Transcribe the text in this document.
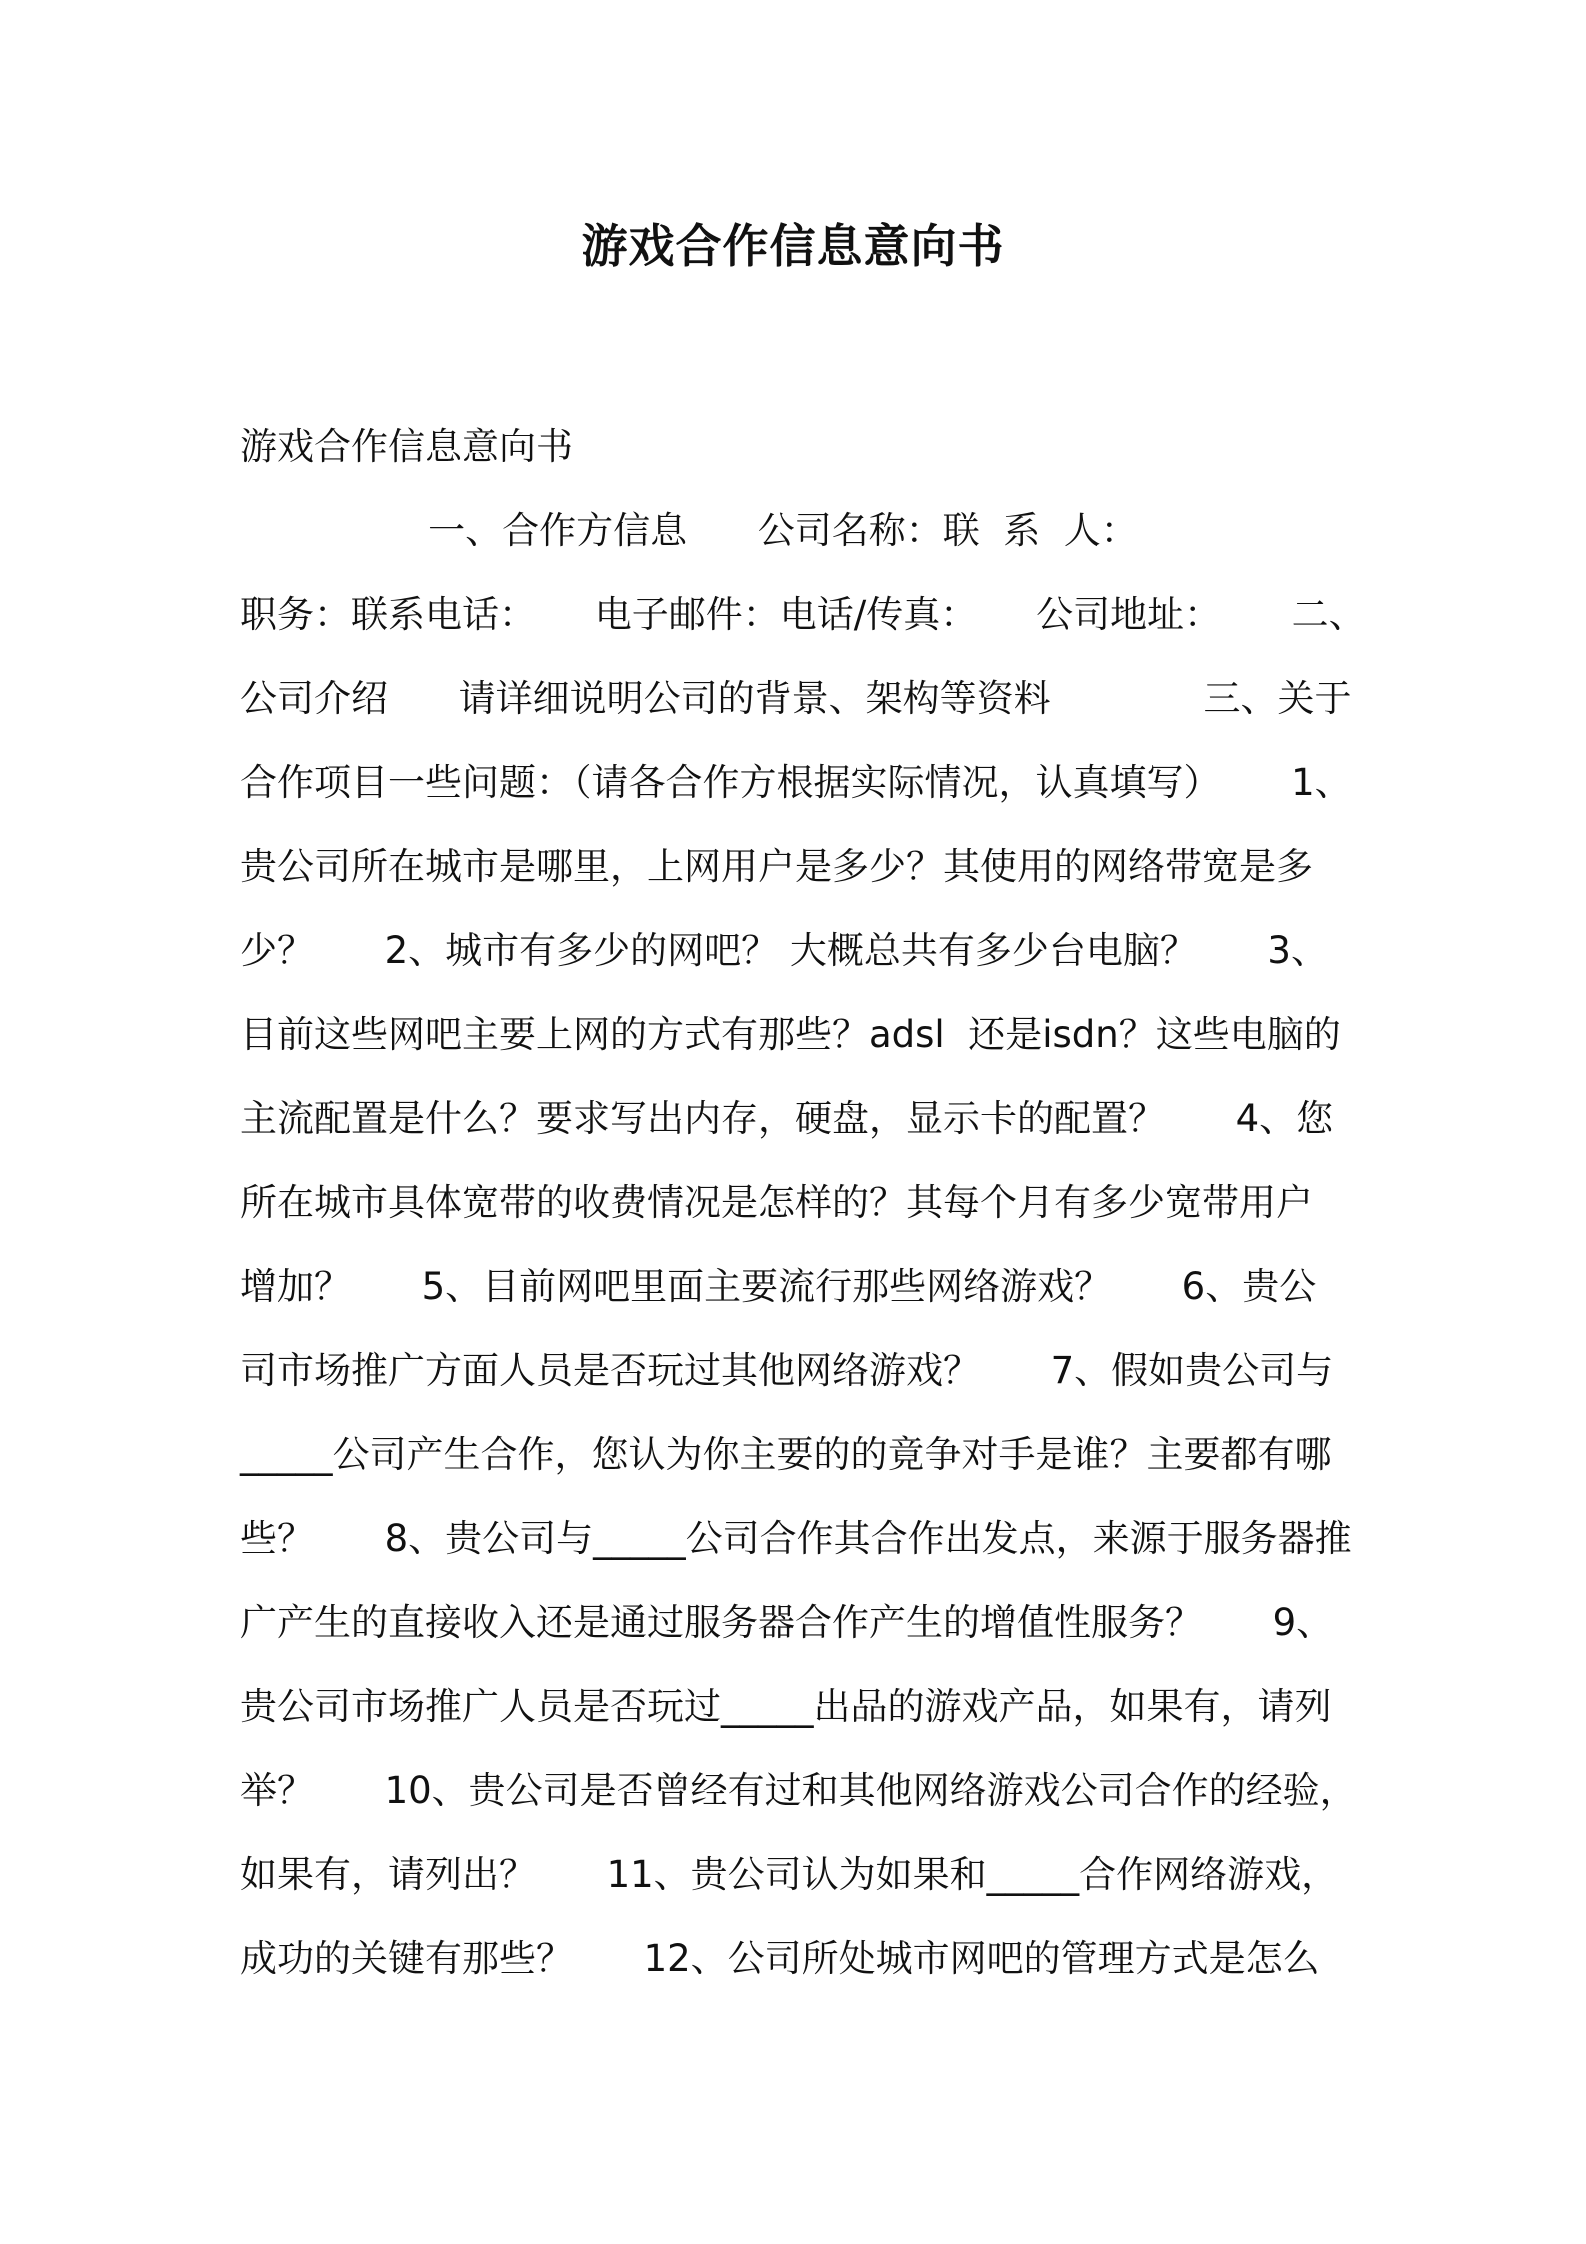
游戏合作信息意向书
游戏合作信息意向书
一、合作方信息      公司名称：联  系  人：
职务：联系电话：     电子邮件：电话/传真：     公司地址：      二、
公司介绍      请详细说明公司的背景、架构等资料             三、关于
合作项目一些问题：（请各合作方根据实际情况，认真填写）      1、
贵公司所在城市是哪里，上网用户是多少？其使用的网络带宽是多
少？      2、城市有多少的网吧？ 大概总共有多少台电脑？      3、
目前这些网吧主要上网的方式有那些？adsl  还是isdn？这些电脑的
主流配置是什么？要求写出内存，硬盘，显示卡的配置？      4、您
所在城市具体宽带的收费情况是怎样的？其每个月有多少宽带用户
增加？      5、目前网吧里面主要流行那些网络游戏？      6、贵公
司市场推广方面人员是否玩过其他网络游戏？      7、假如贵公司与
_____公司产生合作，您认为你主要的的竟争对手是谁？主要都有哪
些？      8、贵公司与_____公司合作其合作出发点，来源于服务器推
广产生的直接收入还是通过服务器合作产生的增值性服务？      9、
贵公司市场推广人员是否玩过_____出品的游戏产品，如果有，请列
举？      10、贵公司是否曾经有过和其他网络游戏公司合作的经验，
如果有，请列出？      11、贵公司认为如果和_____合作网络游戏，
成功的关键有那些？      12、公司所处城市网吧的管理方式是怎么
